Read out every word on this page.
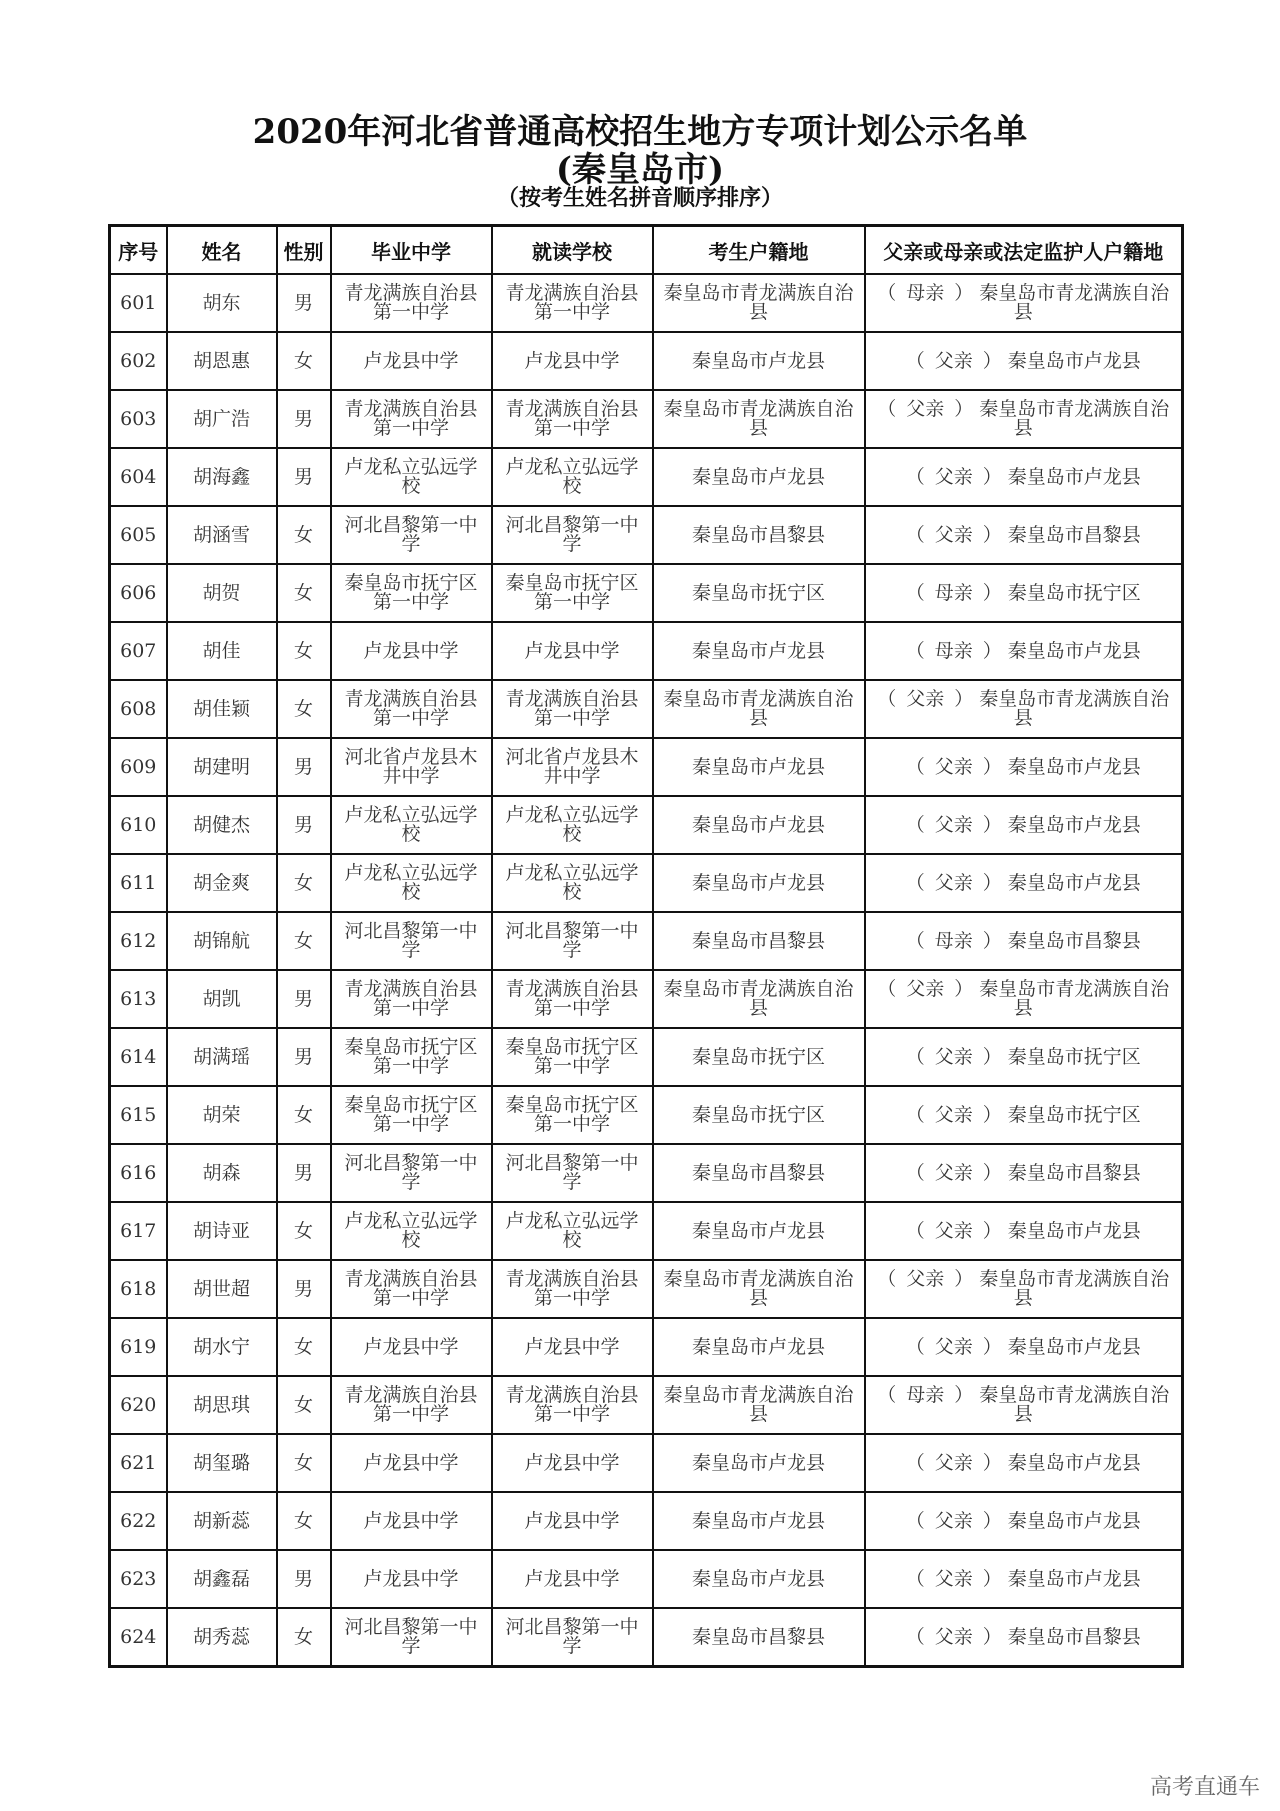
2020年河北省普通高校招生地方专项计划公示名单
(秦皇岛市)
（按考生姓名拼音顺序排序）
序号	姓名	性别	毕业中学	就读学校	考生户籍地	父亲或母亲或法定监护人户籍地
601	胡东	男	青龙满族自治县第一中学	青龙满族自治县第一中学	秦皇岛市青龙满族自治县	（ 母亲 ） 秦皇岛市青龙满族自治县
602	胡恩惠	女	卢龙县中学	卢龙县中学	秦皇岛市卢龙县	（ 父亲 ） 秦皇岛市卢龙县
603	胡广浩	男	青龙满族自治县第一中学	青龙满族自治县第一中学	秦皇岛市青龙满族自治县	（ 父亲 ） 秦皇岛市青龙满族自治县
604	胡海鑫	男	卢龙私立弘远学校	卢龙私立弘远学校	秦皇岛市卢龙县	（ 父亲 ） 秦皇岛市卢龙县
605	胡涵雪	女	河北昌黎第一中学	河北昌黎第一中学	秦皇岛市昌黎县	（ 父亲 ） 秦皇岛市昌黎县
606	胡贺	女	秦皇岛市抚宁区第一中学	秦皇岛市抚宁区第一中学	秦皇岛市抚宁区	（ 母亲 ） 秦皇岛市抚宁区
607	胡佳	女	卢龙县中学	卢龙县中学	秦皇岛市卢龙县	（ 母亲 ） 秦皇岛市卢龙县
608	胡佳颖	女	青龙满族自治县第一中学	青龙满族自治县第一中学	秦皇岛市青龙满族自治县	（ 父亲 ） 秦皇岛市青龙满族自治县
609	胡建明	男	河北省卢龙县木井中学	河北省卢龙县木井中学	秦皇岛市卢龙县	（ 父亲 ） 秦皇岛市卢龙县
610	胡健杰	男	卢龙私立弘远学校	卢龙私立弘远学校	秦皇岛市卢龙县	（ 父亲 ） 秦皇岛市卢龙县
611	胡金爽	女	卢龙私立弘远学校	卢龙私立弘远学校	秦皇岛市卢龙县	（ 父亲 ） 秦皇岛市卢龙县
612	胡锦航	女	河北昌黎第一中学	河北昌黎第一中学	秦皇岛市昌黎县	（ 母亲 ） 秦皇岛市昌黎县
613	胡凯	男	青龙满族自治县第一中学	青龙满族自治县第一中学	秦皇岛市青龙满族自治县	（ 父亲 ） 秦皇岛市青龙满族自治县
614	胡满瑶	男	秦皇岛市抚宁区第一中学	秦皇岛市抚宁区第一中学	秦皇岛市抚宁区	（ 父亲 ） 秦皇岛市抚宁区
615	胡荣	女	秦皇岛市抚宁区第一中学	秦皇岛市抚宁区第一中学	秦皇岛市抚宁区	（ 父亲 ） 秦皇岛市抚宁区
616	胡森	男	河北昌黎第一中学	河北昌黎第一中学	秦皇岛市昌黎县	（ 父亲 ） 秦皇岛市昌黎县
617	胡诗亚	女	卢龙私立弘远学校	卢龙私立弘远学校	秦皇岛市卢龙县	（ 父亲 ） 秦皇岛市卢龙县
618	胡世超	男	青龙满族自治县第一中学	青龙满族自治县第一中学	秦皇岛市青龙满族自治县	（ 父亲 ） 秦皇岛市青龙满族自治县
619	胡水宁	女	卢龙县中学	卢龙县中学	秦皇岛市卢龙县	（ 父亲 ） 秦皇岛市卢龙县
620	胡思琪	女	青龙满族自治县第一中学	青龙满族自治县第一中学	秦皇岛市青龙满族自治县	（ 母亲 ） 秦皇岛市青龙满族自治县
621	胡玺璐	女	卢龙县中学	卢龙县中学	秦皇岛市卢龙县	（ 父亲 ） 秦皇岛市卢龙县
622	胡新蕊	女	卢龙县中学	卢龙县中学	秦皇岛市卢龙县	（ 父亲 ） 秦皇岛市卢龙县
623	胡鑫磊	男	卢龙县中学	卢龙县中学	秦皇岛市卢龙县	（ 父亲 ） 秦皇岛市卢龙县
624	胡秀蕊	女	河北昌黎第一中学	河北昌黎第一中学	秦皇岛市昌黎县	（ 父亲 ） 秦皇岛市昌黎县
高考直通车
